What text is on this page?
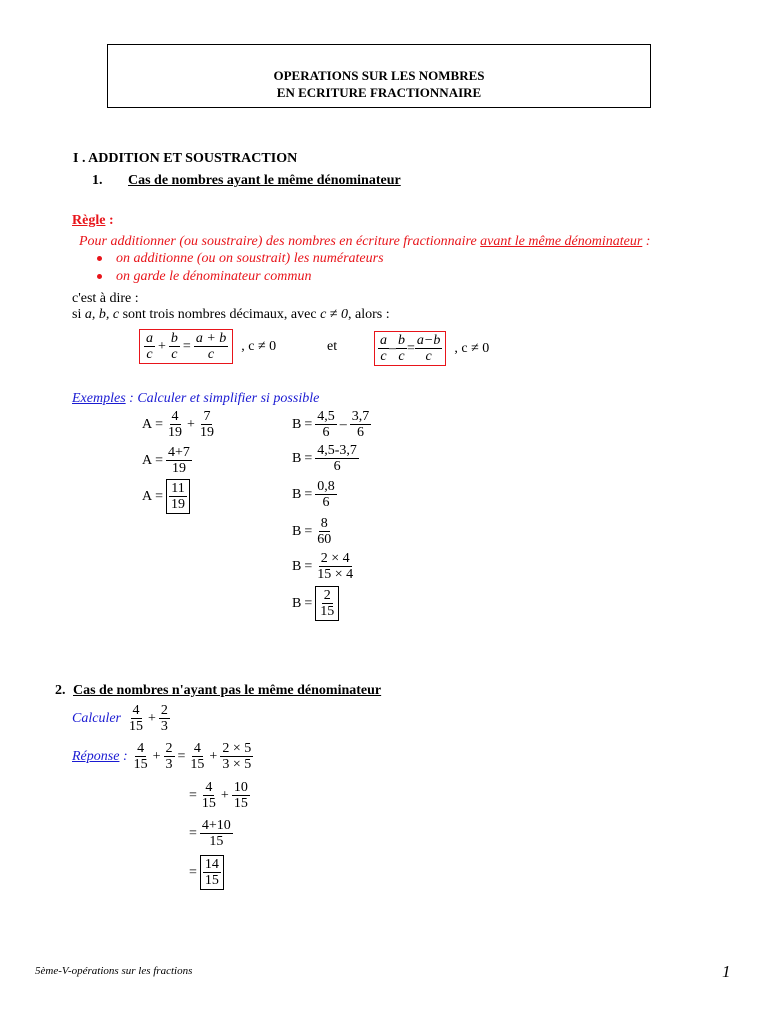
OPERATIONS SUR LES NOMBRES
EN ECRITURE FRACTIONNAIRE
I . ADDITION ET SOUSTRACTION
1. Cas de nombres ayant le même dénominateur
Règle :
Pour additionner (ou soustraire) des nombres en écriture fractionnaire avant le même dénominateur :
on additionne (ou on soustrait) les numérateurs
on garde le dénominateur commun
c'est à dire :
si a, b, c sont trois nombres décimaux, avec c ≠ 0, alors :
$\frac{a}{c} + \frac{b}{c} = \frac{a + b}{c}$ , c ≠ 0	et	$\frac{a}{c} - \frac{b}{c} = \frac{a-b}{c}$ , c ≠ 0
Exemples : Calculer et simplifier si possible
$A = \frac{4}{19} + \frac{7}{19}$
$A = \frac{4+7}{19}$
$A = \frac{11}{19}$
$B = \frac{4,5}{6} - \frac{3,7}{6}$
$B = \frac{4,5-3,7}{6}$
$B = \frac{0,8}{6}$
$B = \frac{8}{60}$
$B = \frac{2 \times 4}{15 \times 4}$
$B = \frac{2}{15}$
2. Cas de nombres n'ayant pas le même dénominateur
Calculer $\frac{4}{15} + \frac{2}{3}$
Réponse : $\frac{4}{15} + \frac{2}{3} = \frac{4}{15} + \frac{2 \times 5}{3 \times 5}$
= $\frac{4}{15} + \frac{10}{15}$
= $\frac{4+10}{15}$
= $\frac{14}{15}$
5ème-V-opérations sur les fractions	1
